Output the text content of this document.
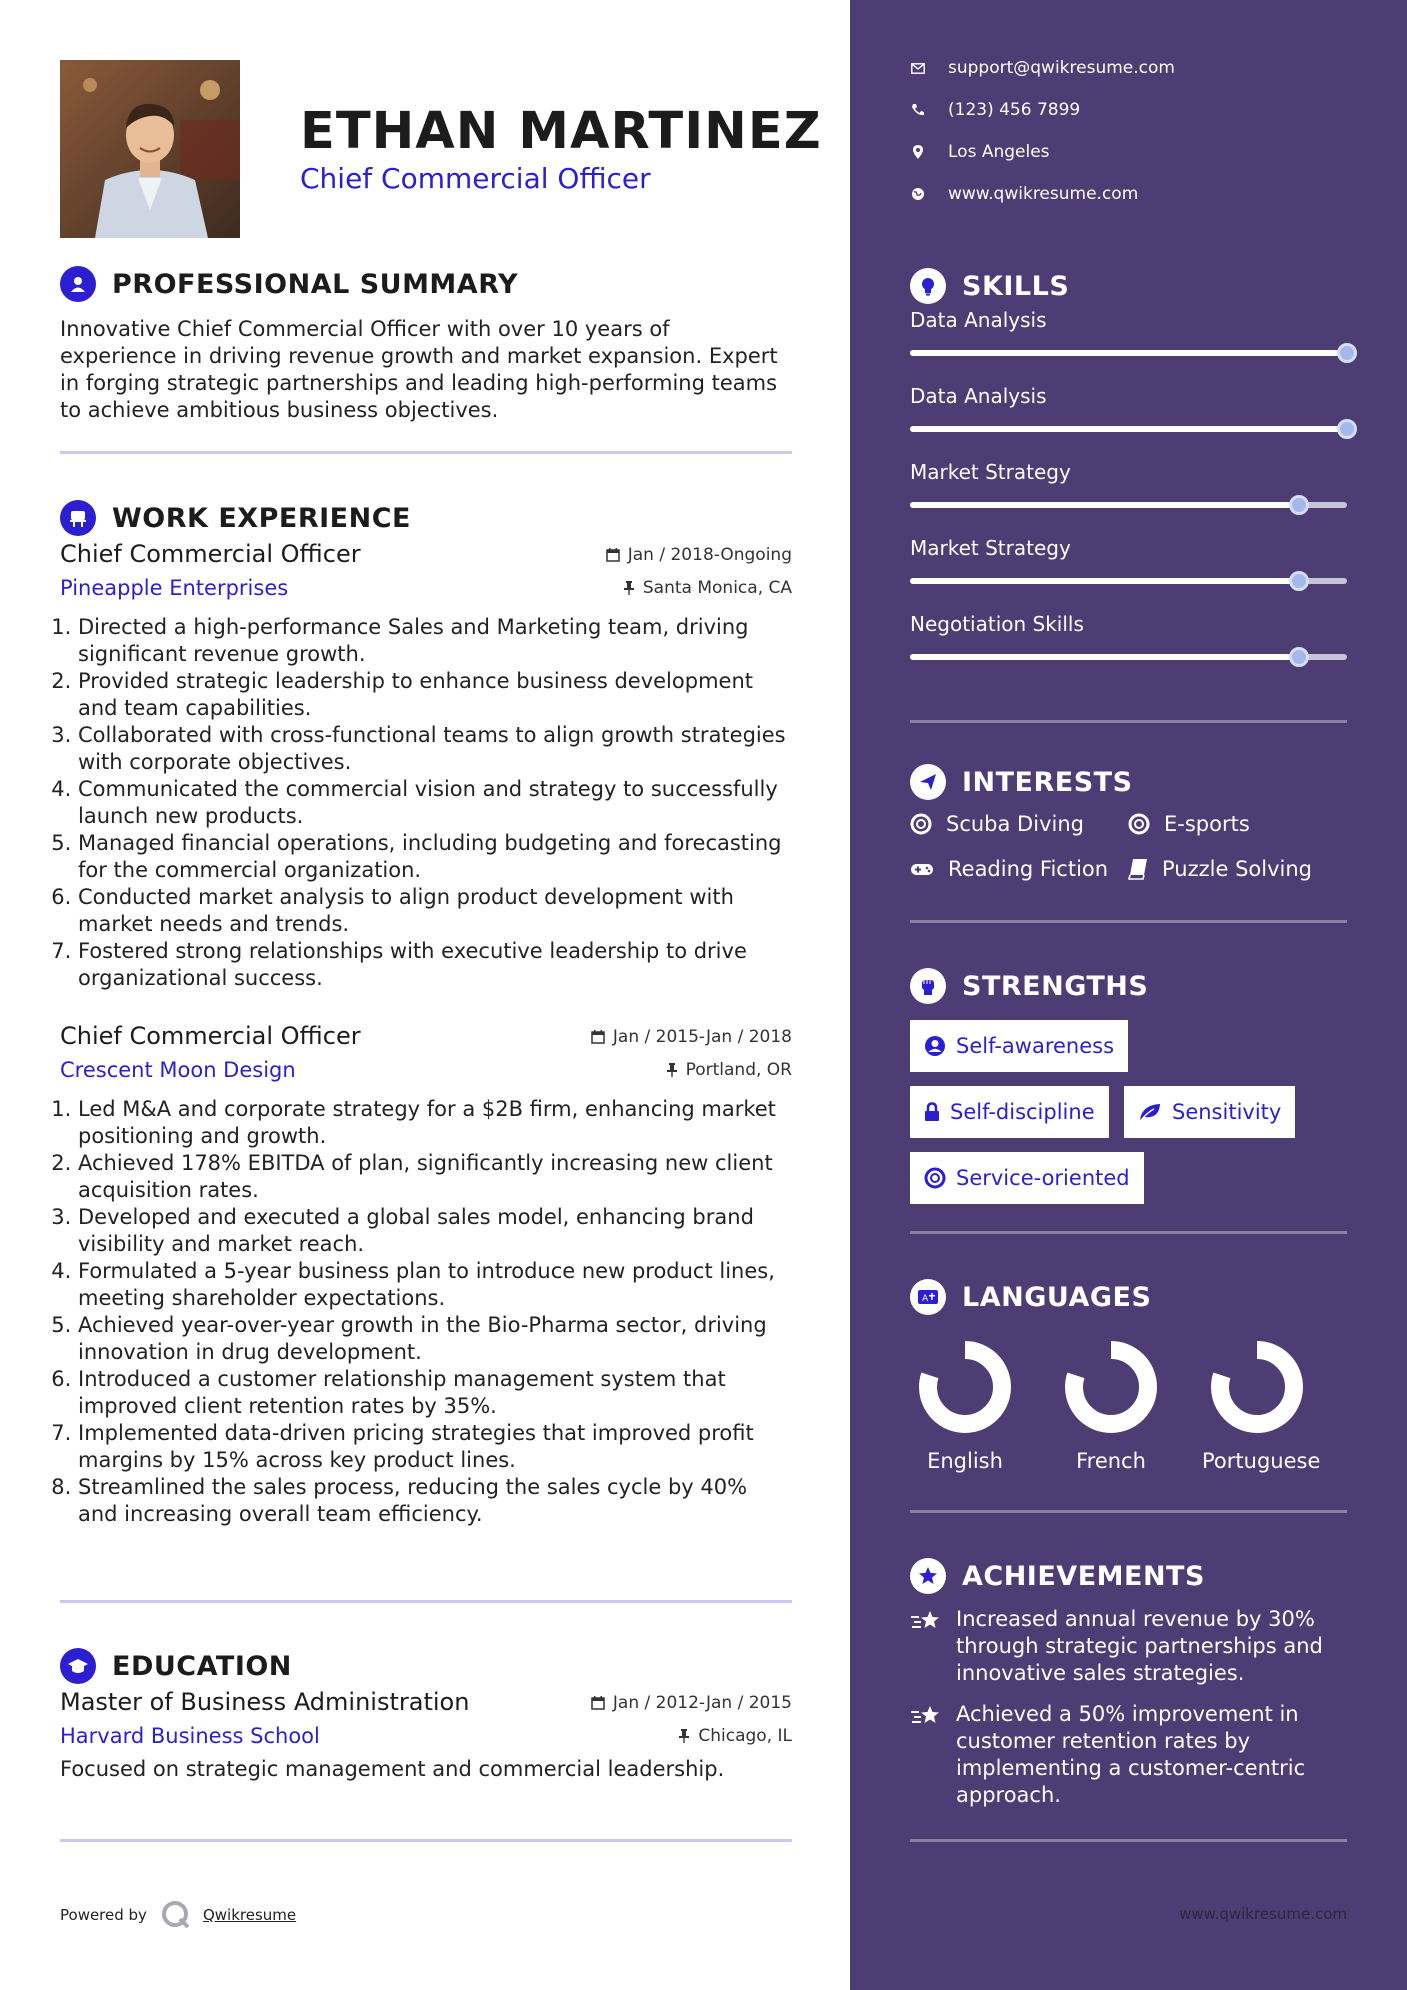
ETHAN MARTINEZ
Chief Commercial Officer
PROFESSIONAL SUMMARY

Innovative Chief Commercial Officer with over 10 years of experience in driving revenue growth and market expansion. Expert in forging strategic partnerships and leading high-performing teams to achieve ambitious business objectives.

WORK EXPERIENCE
Chief Commercial Officer	Jan / 2018-Ongoing
Pineapple Enterprises	Santa Monica, CA
1. Directed a high-performance Sales and Marketing team, driving significant revenue growth.
2. Provided strategic leadership to enhance business development and team capabilities.
3. Collaborated with cross-functional teams to align growth strategies with corporate objectives.
4. Communicated the commercial vision and strategy to successfully launch new products.
5. Managed financial operations, including budgeting and forecasting for the commercial organization.
6. Conducted market analysis to align product development with market needs and trends.
7. Fostered strong relationships with executive leadership to drive organizational success.
Chief Commercial Officer	Jan / 2015-Jan / 2018
Crescent Moon Design	Portland, OR
1. Led M&A and corporate strategy for a $2B firm, enhancing market positioning and growth.
2. Achieved 178% EBITDA of plan, significantly increasing new client acquisition rates.
3. Developed and executed a global sales model, enhancing brand visibility and market reach.
4. Formulated a 5-year business plan to introduce new product lines, meeting shareholder expectations.
5. Achieved year-over-year growth in the Bio-Pharma sector, driving innovation in drug development.
6. Introduced a customer relationship management system that improved client retention rates by 35%.
7. Implemented data-driven pricing strategies that improved profit margins by 15% across key product lines.
8. Streamlined the sales process, reducing the sales cycle by 40% and increasing overall team efficiency.
EDUCATION
Master of Business Administration	Jan / 2012-Jan / 2015
Harvard Business School	Chicago, IL

Focused on strategic management and commercial leadership.

Powered by	Qwikresume
support@qwikresume.com
(123) 456 7899
Los Angeles
www.qwikresume.com
SKILLS
Data Analysis
Data Analysis
Market Strategy
Market Strategy
Negotiation Skills
INTERESTS
Scuba Diving	E-sports
Reading Fiction	Puzzle Solving
STRENGTHS
Self-awareness
Self-discipline	Sensitivity
Service-oriented
A LANGUAGES
English	French	Portuguese
ACHIEVEMENTS
Increased annual revenue by 30% through strategic partnerships and innovative sales strategies.
Achieved a 50% improvement in customer retention rates by implementing a customer-centric approach.
www.qwikresume.com
